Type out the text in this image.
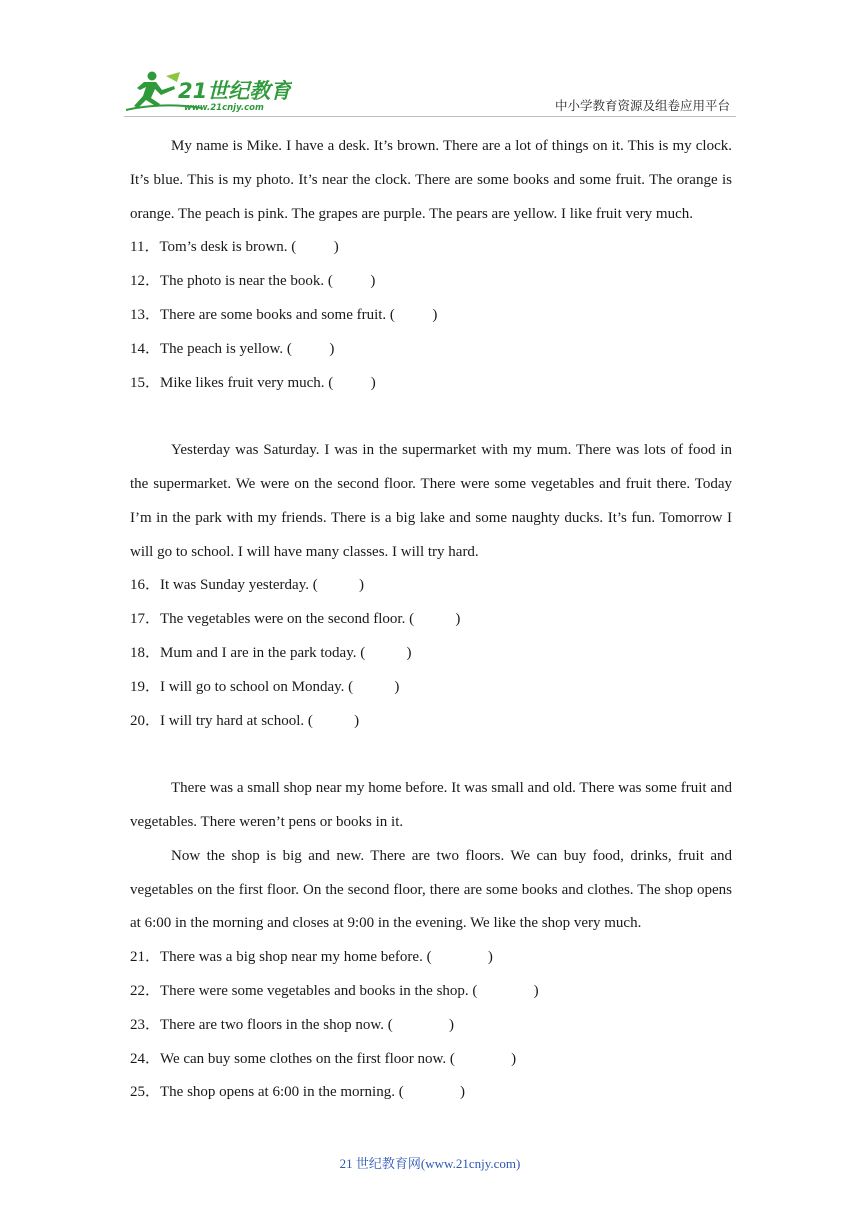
21世纪教育
www.21cnjy.com	中小学教育资源及组卷应用平台

My name is Mike. I have a desk. It’s brown. There are a lot of things on it. This is my clock. It’s blue. This is my photo. It’s near the clock. There are some books and some fruit. The orange is orange. The peach is pink. The grapes are purple. The pears are yellow. I like fruit very much.

11．Tom’s desk is brown. (          )

12．The photo is near the book. (          )

13．There are some books and some fruit. (          )

14．The peach is yellow. (          )

15．Mike likes fruit very much. (          )

Yesterday was Saturday. I was in the supermarket with my mum. There was lots of food in the supermarket. We were on the second floor. There were some vegetables and fruit there. Today I’m in the park with my friends. There is a big lake and some naughty ducks. It’s fun. Tomorrow I will go to school. I will have many classes. I will try hard.

16．It was Sunday yesterday. (           )

17．The vegetables were on the second floor. (           )

18．Mum and I are in the park today. (           )

19．I will go to school on Monday. (           )

20．I will try hard at school. (           )

There was a small shop near my home before. It was small and old. There was some fruit and vegetables. There weren’t pens or books in it.

Now the shop is big and new. There are two floors. We can buy food, drinks, fruit and vegetables on the first floor. On the second floor, there are some books and clothes. The shop opens at 6:00 in the morning and closes at 9:00 in the evening. We like the shop very much.

21．There was a big shop near my home before. (               )

22．There were some vegetables and books in the shop. (               )

23．There are two floors in the shop now. (               )

24．We can buy some clothes on the first floor now. (               )

25．The shop opens at 6:00 in the morning. (               )

21 世纪教育网(www.21cnjy.com)
